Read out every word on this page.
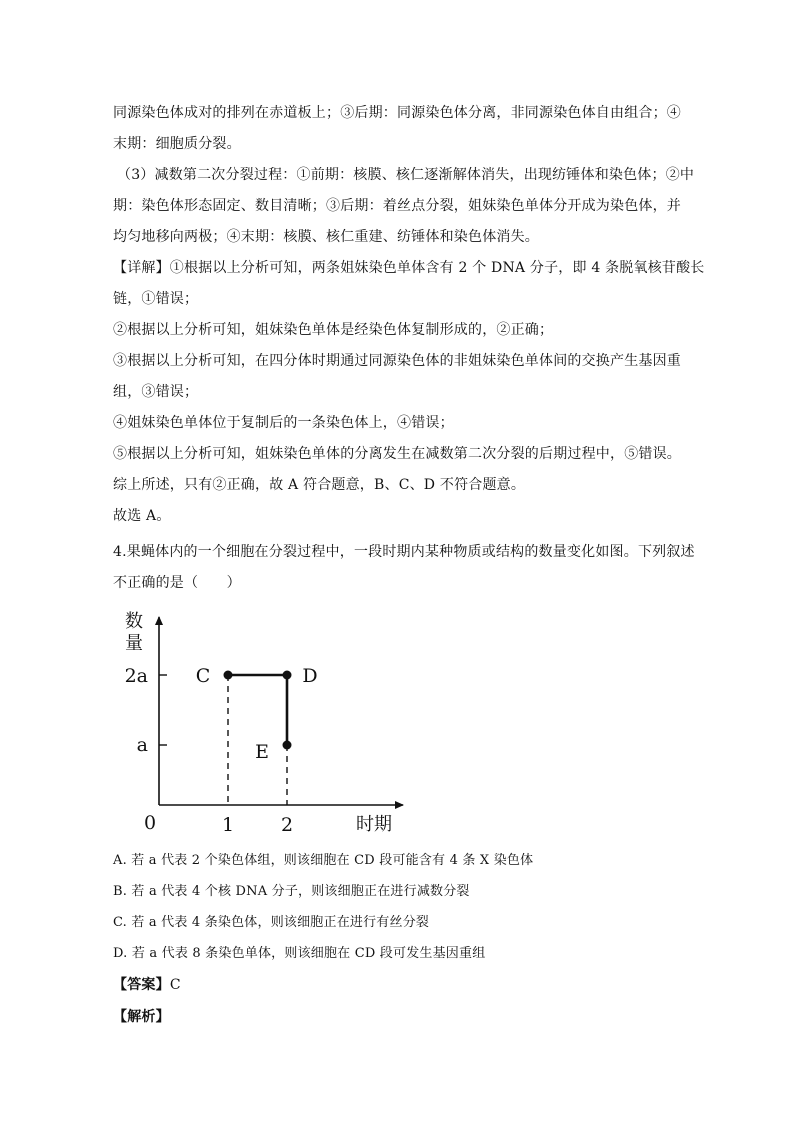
同源染色体成对的排列在赤道板上；③后期：同源染色体分离，非同源染色体自由组合；④
末期：细胞质分裂。
（3）减数第二次分裂过程：①前期：核膜、核仁逐渐解体消失，出现纺锤体和染色体；②中
期：染色体形态固定、数目清晰；③后期：着丝点分裂，姐妹染色单体分开成为染色体，并
均匀地移向两极；④末期：核膜、核仁重建、纺锤体和染色体消失。
【详解】①根据以上分析可知，两条姐妹染色单体含有 2 个 DNA 分子，即 4 条脱氧核苷酸长
链，①错误；
②根据以上分析可知，姐妹染色单体是经染色体复制形成的，②正确；
③根据以上分析可知，在四分体时期通过同源染色体的非姐妹染色单体间的交换产生基因重
组，③错误；
④姐妹染色单体位于复制后的一条染色体上，④错误；
⑤根据以上分析可知，姐妹染色单体的分离发生在减数第二次分裂的后期过程中，⑤错误。
综上所述，只有②正确，故 A 符合题意，B、C、D 不符合题意。
故选 A。
4.果蝇体内的一个细胞在分裂过程中，一段时期内某种物质或结构的数量变化如图。下列叙述
不正确的是（　　）
数
量
2a
a
C	D
E
0	1 2	时期
A. 若 a 代表 2 个染色体组，则该细胞在 CD 段可能含有 4 条 X 染色体
B. 若 a 代表 4 个核 DNA 分子，则该细胞正在进行减数分裂
C. 若 a 代表 4 条染色体，则该细胞正在进行有丝分裂
D. 若 a 代表 8 条染色单体，则该细胞在 CD 段可发生基因重组
【答案】C
【解析】
